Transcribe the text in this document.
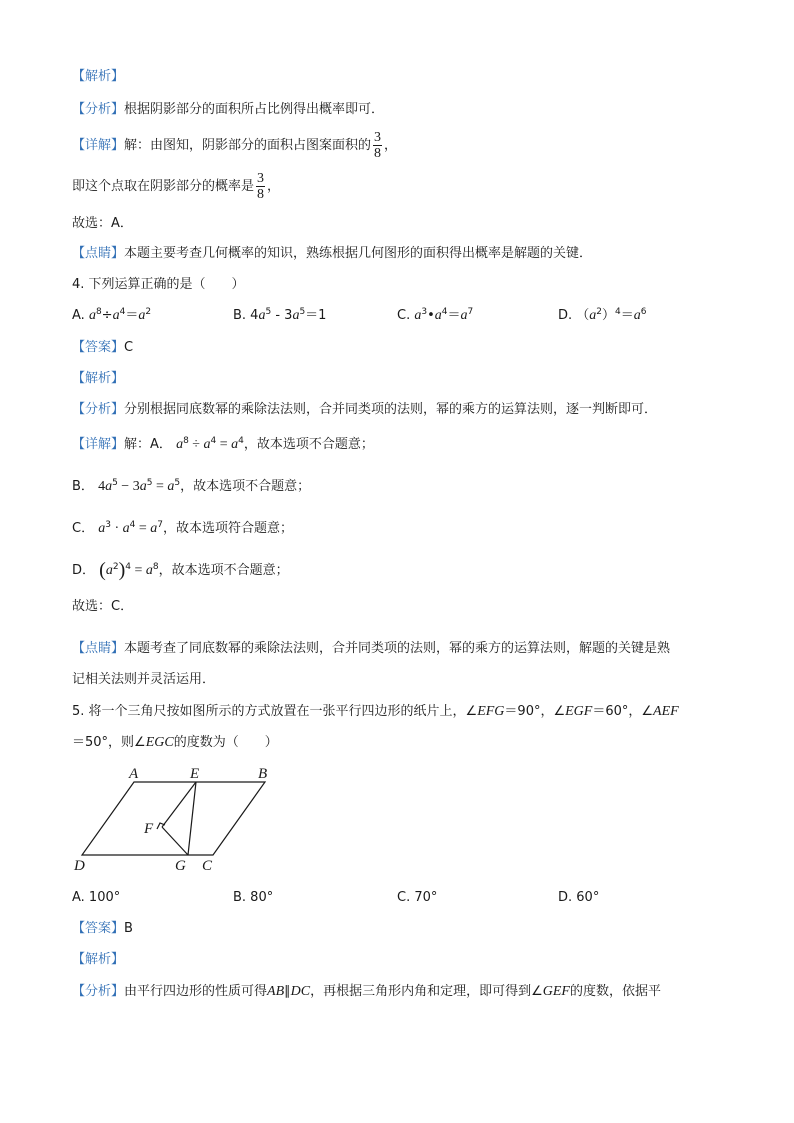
【解析】
【分析】根据阴影部分的面积所占比例得出概率即可．
【详解】解：由图知，阴影部分的面积占图案面积的 $\frac{3}{8}$ ，
即这个点取在阴影部分的概率是 $\frac{3}{8}$ ，
故选：A．
【点睛】本题主要考查几何概率的知识，熟练根据几何图形的面积得出概率是解题的关键．
4. 下列运算正确的是（　　）
A. $a^8\div a^4=a^2$	B. $4a^5 - 3a^5=1$	C. $a^3•a^4=a^7$	D. $(a^2)^4=a^6$
【答案】C
【解析】
【分析】分别根据同底数幂的乘除法法则，合并同类项的法则，幂的乘方的运算法则，逐一判断即可．
【详解】解：A． $a^8 \div a^4 = a^4$，故本选项不合题意；
B． $4a^5 - 3a^5 = a^5$，故本选项不合题意；
C． $a^3 \cdot a^4 = a^7$，故本选项符合题意；
D． $(a^2)^4 = a^8$，故本选项不合题意；
故选：C．
【点睛】本题考查了同底数幂的乘除法法则，合并同类项的法则，幂的乘方的运算法则，解题的关键是熟
记相关法则并灵活运用．
5. 将一个三角尺按如图所示的方式放置在一张平行四边形的纸片上，∠EFG＝90°，∠EGF＝60°，∠AEF
＝50°，则∠EGC的度数为（　　）
A	E	B
F
D	G C
A. 100°	B. 80°	C. 70°	D. 60°
【答案】B
【解析】
【分析】由平行四边形的性质可得AB∥DC，再根据三角形内角和定理，即可得到∠GEF的度数，依据平
